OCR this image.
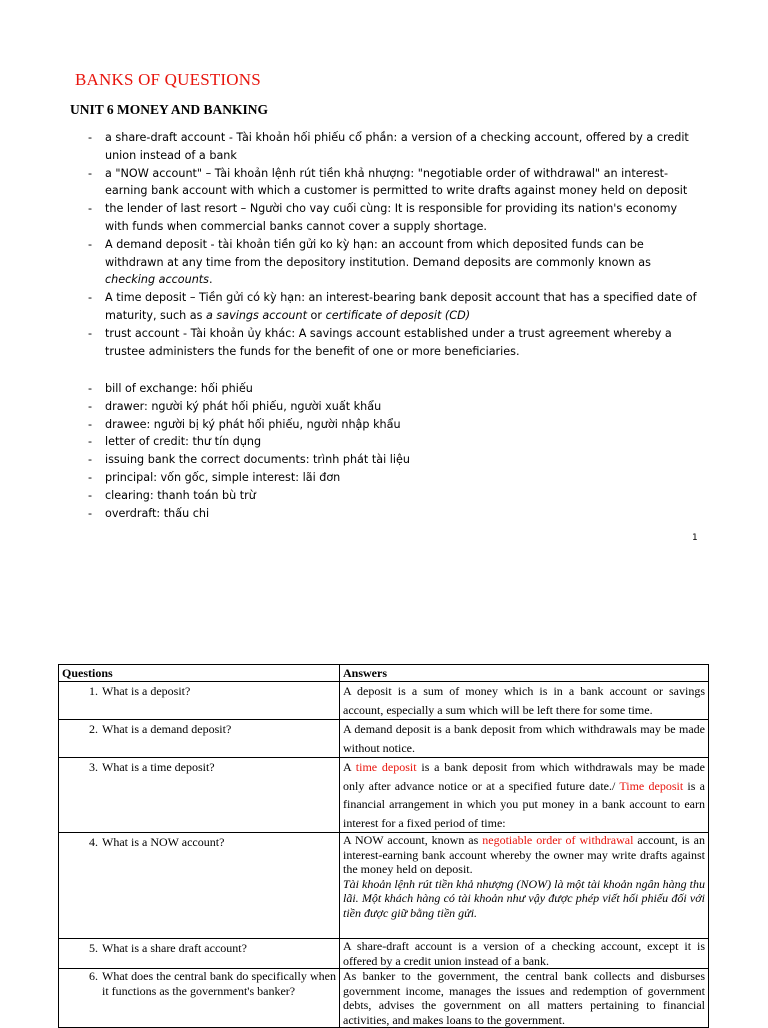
BANKS OF QUESTIONS
UNIT 6 MONEY AND BANKING
- a share-draft account - Tài khoản hối phiếu cổ phần: a version of a checking account, offered by a credit union instead of a bank
- a "NOW account" – Tài khoản lệnh rút tiền khả nhượng: "negotiable order of withdrawal" an interest-earning bank account with which a customer is permitted to write drafts against money held on deposit
- the lender of last resort – Người cho vay cuối cùng: It is responsible for providing its nation's economy with funds when commercial banks cannot cover a supply shortage.
- A demand deposit - tài khoản tiền gửi ko kỳ hạn: an account from which deposited funds can be withdrawn at any time from the depository institution. Demand deposits are commonly known as checking accounts.
- A time deposit – Tiền gửi có kỳ hạn: an interest-bearing bank deposit account that has a specified date of maturity, such as a savings account or certificate of deposit (CD)
- trust account - Tài khoản ủy khác: A savings account established under a trust agreement whereby a trustee administers the funds for the benefit of one or more beneficiaries.
- bill of exchange: hối phiếu
- drawer: người ký phát hối phiếu, người xuất khẩu
- drawee: người bị ký phát hối phiếu, người nhập khẩu
- letter of credit: thư tín dụng
- issuing bank the correct documents: trình phát tài liệu
- principal: vốn gốc, simple interest: lãi đơn
- clearing: thanh toán bù trừ
- overdraft: thấu chi
1
Questions	Answers

1. What is a deposit?	A deposit is a sum of money which is in a bank account or savings account, especially a sum which will be left there for some time.

2. What is a demand deposit?	A demand deposit is a bank deposit from which withdrawals may be made without notice.

3. What is a time deposit?	A time deposit is a bank deposit from which withdrawals may be made only after advance notice or at a specified future date./ Time deposit is a financial arrangement in which you put money in a bank account to earn interest for a fixed period of time:

4. What is a NOW account?	A NOW account, known as negotiable order of withdrawal account, is an interest-earning bank account whereby the owner may write drafts against the money held on deposit.
Tài khoản lệnh rút tiền khả nhượng (NOW) là một tài khoản ngân hàng thu lãi. Một khách hàng có tài khoản như vậy được phép viết hối phiếu đối với tiền được giữ bằng tiền gửi.

5. What is a share draft account?	A share-draft account is a version of a checking account, except it is offered by a credit union instead of a bank.

6. What does the central bank do specifically when it functions as the government's banker?	As banker to the government, the central bank collects and disburses government income, manages the issues and redemption of government debts, advises the government on all matters pertaining to financial activities, and makes loans to the government.
